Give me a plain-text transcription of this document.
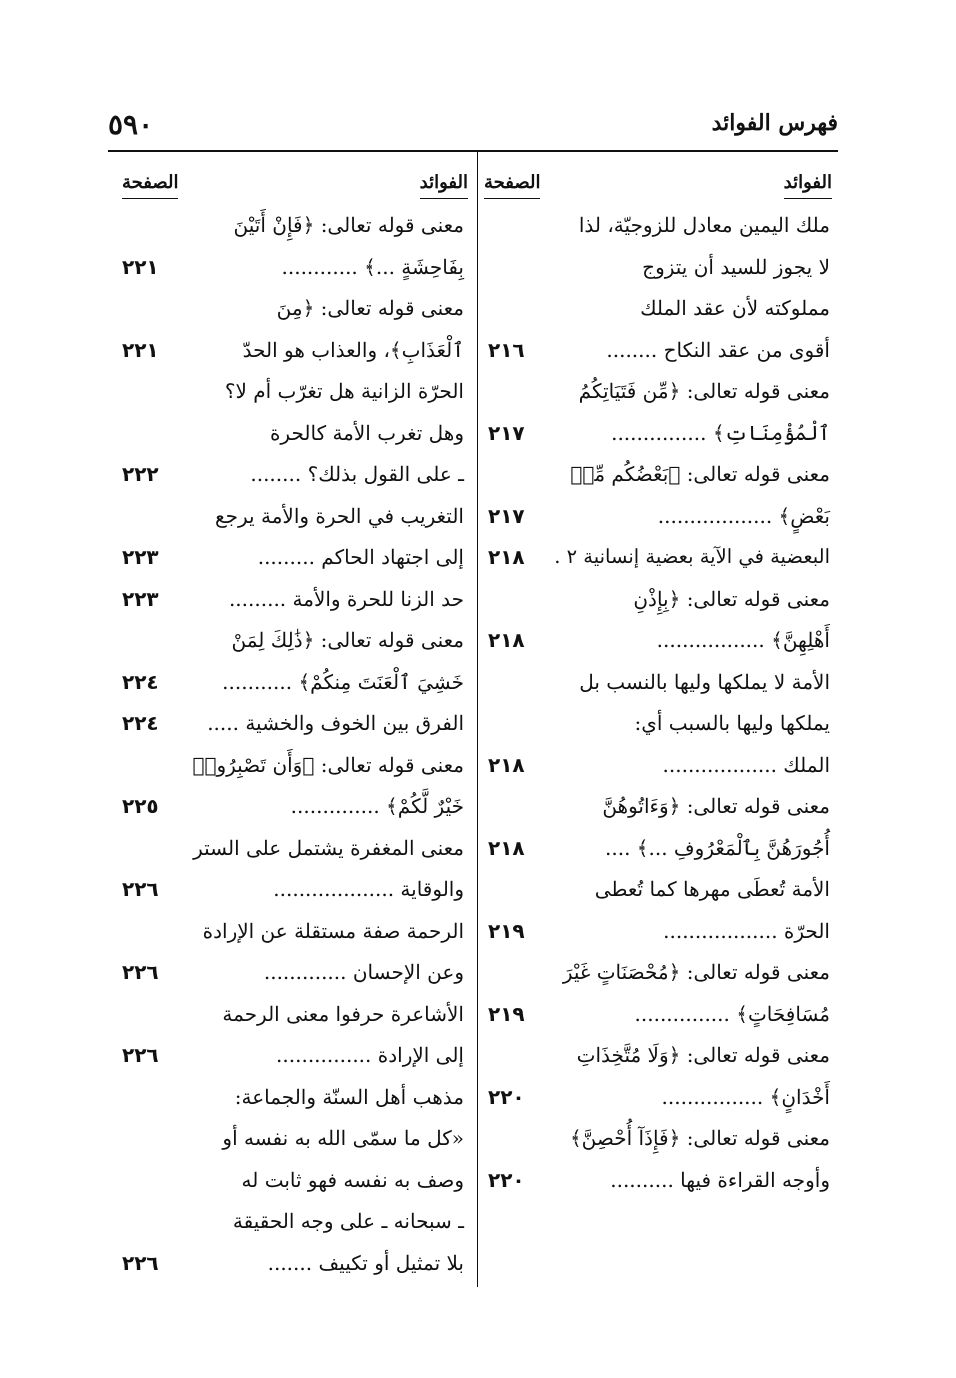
٥٩٠	فهرس الفوائد
الفوائد
الصفحة
ملك اليمين معادل للزوجيّة، لذا
لا يجوز للسيد أن يتزوج
مملوكته لأن عقد الملك
أقوى من عقد النكاح ........
٢١٦
معنى قوله تعالى: ﴿مِّن فَتَيَاتِكُمُ
ٱلْمُؤْمِنَاتِ﴾ ...............
٢١٧
معنى قوله تعالى: ﴿بَعْضُكُم مِّنۢ
بَعْضٍ﴾ ..................
٢١٧
البعضية في الآية بعضية إنسانية ٢ .
٢١٨
معنى قوله تعالى: ﴿بِإِذْنِ
أَهْلِهِنَّ﴾ .................
٢١٨
الأمة لا يملكها وليها بالنسب بل
يملكها وليها بالسبب أي:
الملك ..................
٢١٨
معنى قوله تعالى: ﴿وَءَاتُوهُنَّ
أُجُورَهُنَّ بِٱلْمَعْرُوفِ ...﴾ ....
٢١٨
الأمة تُعطَى مهرها كما تُعطى
الحرّة ..................
٢١٩
معنى قوله تعالى: ﴿مُحْصَنَاتٍ غَيْرَ
مُسَافِحَاتٍ﴾ ...............
٢١٩
معنى قوله تعالى: ﴿وَلَا مُتَّخِذَاتِ
أَخْدَانٍ﴾ ................
٢٢٠
معنى قوله تعالى: ﴿فَإِذَآ أُحْصِنَّ﴾
وأوجه القراءة فيها ..........
٢٢٠
الفوائد
الصفحة
معنى قوله تعالى: ﴿فَإِنْ أَتَيْنَ
بِفَاحِشَةٍ ...﴾ ............
٢٢١
معنى قوله تعالى: ﴿مِنَ
ٱلْعَذَابِ﴾، والعذاب هو الحدّ
٢٢١
الحرّة الزانية هل تغرّب أم لا؟
وهل تغرب الأمة كالحرة
ـ على القول بذلك؟ ........
٢٢٢
التغريب في الحرة والأمة يرجع
إلى اجتهاد الحاكم .........
٢٢٣
حد الزنا للحرة والأمة .........
٢٢٣
معنى قوله تعالى: ﴿ذَٰلِكَ لِمَنْ
خَشِيَ ٱلْعَنَتَ مِنكُمْ﴾ ...........
٢٢٤
الفرق بين الخوف والخشية .....
٢٢٤
معنى قوله تعالى: ﴿وَأَن تَصْبِرُوا۟
خَيْرٌ لَّكُمْ﴾ ..............
٢٢٥
معنى المغفرة يشتمل على الستر
والوقاية ...................
٢٢٦
الرحمة صفة مستقلة عن الإرادة
وعن الإحسان .............
٢٢٦
الأشاعرة حرفوا معنى الرحمة
إلى الإرادة ...............
٢٢٦
مذهب أهل السنّة والجماعة:
«كل ما سمّى الله به نفسه أو
وصف به نفسه فهو ثابت له
ـ سبحانه ـ على وجه الحقيقة
بلا تمثيل أو تكييف .......
٢٢٦
